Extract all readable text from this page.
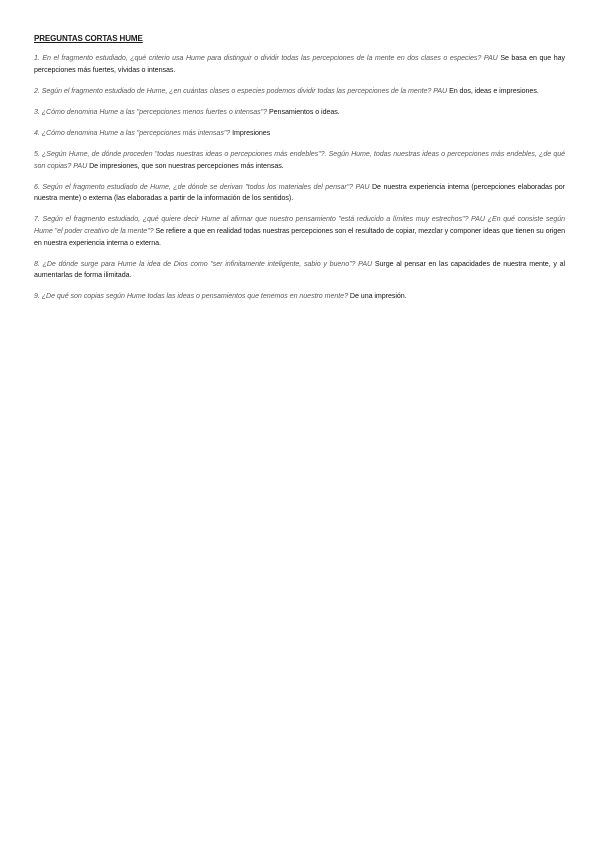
PREGUNTAS CORTAS HUME

1. En el fragmento estudiado, ¿qué criterio usa Hume para distinguir o dividir todas las percepciones de la mente en dos clases o especies? PAU Se basa en que hay percepciones más fuertes, vívidas o intensas.

2. Según el fragmento estudiado de Hume, ¿en cuántas clases o especies podemos dividir todas las percepciones de la mente? PAU En dos, ideas e impresiones.

3. ¿Cómo denomina Hume a las "percepciones menos fuertes o intensas"? Pensamientos o ideas.

4. ¿Cómo denomina Hume a las "percepciones más intensas"? Impresiones

5. ¿Según Hume, de dónde proceden "todas nuestras ideas o percepciones más endebles"?. Según Hume, todas nuestras ideas o percepciones más endebles, ¿de qué son copias? PAU De impresiones, que son nuestras percepciones más intensas.

6. Según el fragmento estudiado de Hume, ¿de dónde se derivan "todos los materiales del pensar"? PAU De nuestra experiencia interna (percepciones elaboradas por nuestra mente) o externa (las elaboradas a partir de la información de los sentidos).

7. Según el fragmento estudiado, ¿qué quiere decir Hume al afirmar que nuestro pensamiento "está reducido a límites muy estrechos"? PAU ¿En qué consiste según Hume "el poder creativo de la mente"? Se refiere a que en realidad todas nuestras percepciones son el resultado de copiar, mezclar y componer ideas que tienen su origen en nuestra experiencia interna o externa.

8. ¿De dónde surge para Hume la idea de Dios como "ser infinitamente inteligente, sabio y bueno"? PAU Surge al pensar en las capacidades de nuestra mente, y al aumentarlas de forma ilimitada.

9. ¿De qué son copias según Hume todas las ideas o pensamientos que tenemos en nuestro mente? De una impresión.
